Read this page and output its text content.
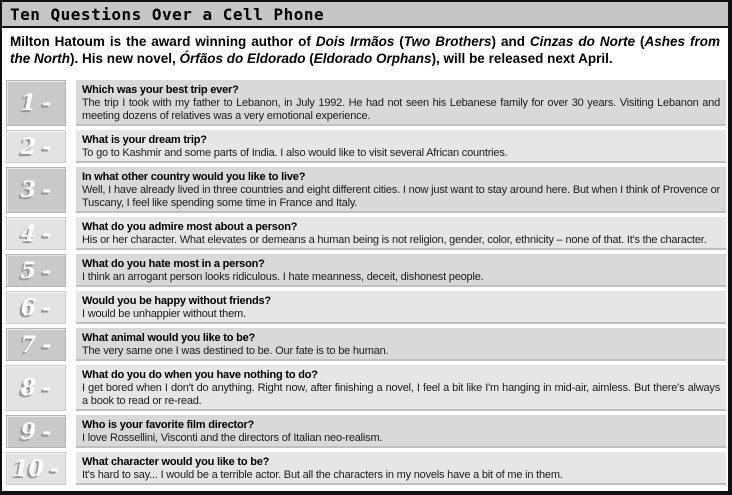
Ten Questions Over a Cell Phone

Milton Hatoum is the award winning author of Dois Irmãos (Two Brothers) and Cinzas do Norte (Ashes from the North). His new novel, Órfãos do Eldorado (Eldorado Orphans), will be released next April.

1 -	Which was your best trip ever?

The trip I took with my father to Lebanon, in July 1992. He had not seen his Lebanese family for over 30 years. Visiting Lebanon and meeting dozens of relatives was a very emotional experience.

2 -	What is your dream trip?

To go to Kashmir and some parts of India. I also would like to visit several African countries.

3 -	In what other country would you like to live?

Well, I have already lived in three countries and eight different cities. I now just want to stay around here. But when I think of Provence or Tuscany, I feel like spending some time in France and Italy.

4 -	What do you admire most about a person?

His or her character. What elevates or demeans a human being is not religion, gender, color, ethnicity – none of that. It's the character.

5 -	What do you hate most in a person?

I think an arrogant person looks ridiculous. I hate meanness, deceit, dishonest people.

6 -	Would you be happy without friends?

I would be unhappier without them.

7 -	What animal would you like to be?

The very same one I was destined to be. Our fate is to be human.

8 -	What do you do when you have nothing to do?

I get bored when I don't do anything. Right now, after finishing a novel, I feel a bit like I'm hanging in mid-air, aimless. But there's always a book to read or re-read.

9 -	Who is your favorite film director?

I love Rossellini, Visconti and the directors of Italian neo-realism.

10 - What character would you like to be?

It's hard to say... I would be a terrible actor. But all the characters in my novels have a bit of me in them.
